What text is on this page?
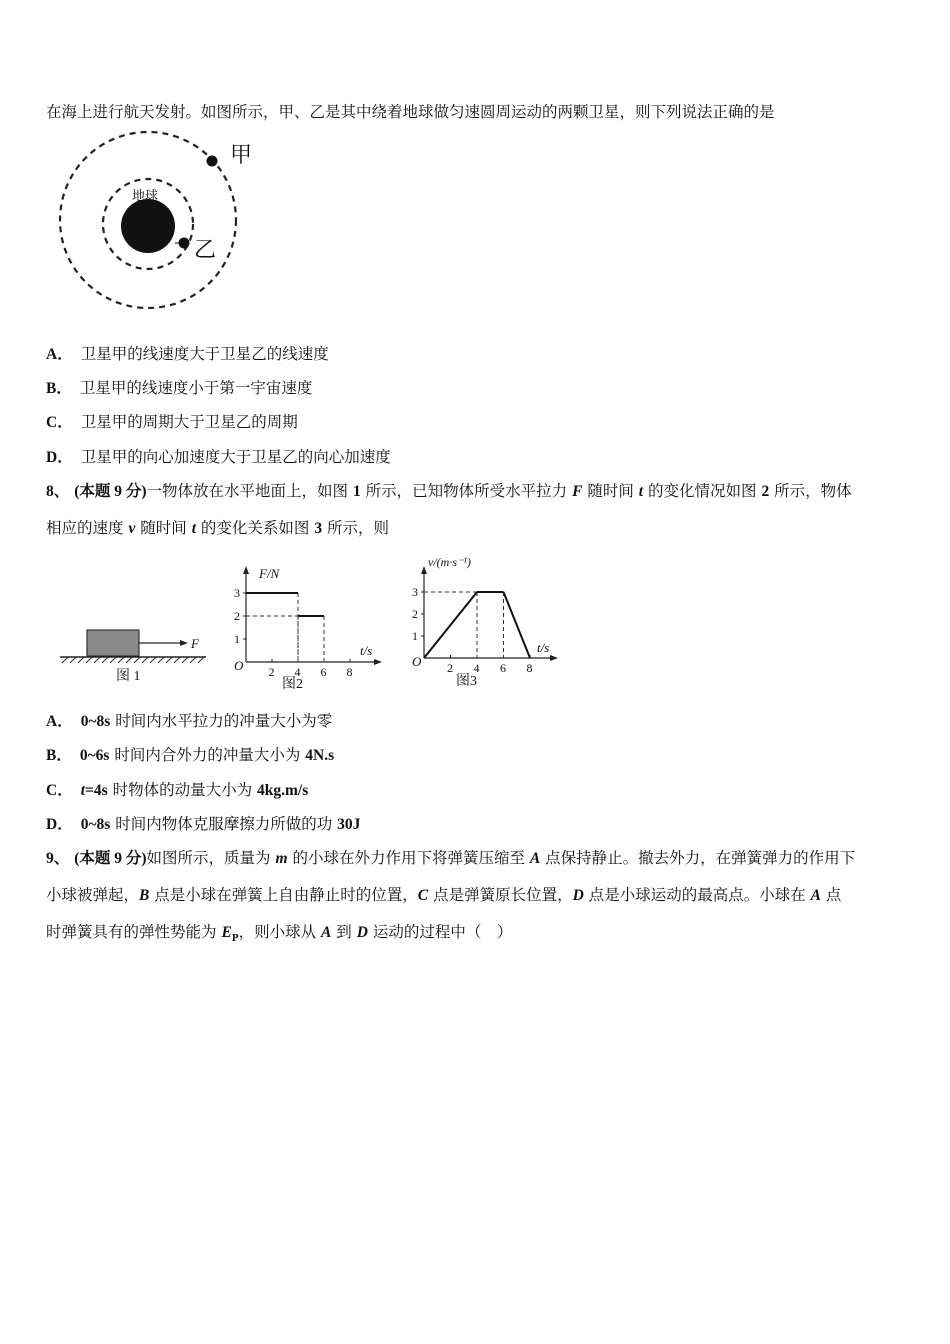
在海上进行航天发射。如图所示，甲、乙是其中绕着地球做匀速圆周运动的两颗卫星，则下列说法正确的是
地球
甲
乙
A． 卫星甲的线速度大于卫星乙的线速度
B． 卫星甲的线速度小于第一宇宙速度
C． 卫星甲的周期大于卫星乙的周期
D． 卫星甲的向心加速度大于卫星乙的向心加速度
8、 (本题 9 分)一物体放在水平地面上，如图 1 所示，已知物体所受水平拉力 F 随时间 t 的变化情况如图 2 所示，物体
相应的速度 v 随时间 t 的变化关系如图 3 所示，则
F
图 1
F/N
t/s
O
1
2
3
2 4 6 8
图2
v/(m·s⁻¹)
t/s
O
1
2
3
2 4 6 8
图3
A． 0~8s 时间内水平拉力的冲量大小为零
B． 0~6s 时间内合外力的冲量大小为 4N.s
C． t=4s 时物体的动量大小为 4kg.m/s
D． 0~8s 时间内物体克服摩擦力所做的功 30J
9、 (本题 9 分)如图所示，质量为 m 的小球在外力作用下将弹簧压缩至 A 点保持静止。撤去外力，在弹簧弹力的作用下
小球被弹起，B 点是小球在弹簧上自由静止时的位置，C 点是弹簧原长位置，D 点是小球运动的最高点。小球在 A 点
时弹簧具有的弹性势能为 $E_P$，则小球从 A 到 D 运动的过程中（　）
